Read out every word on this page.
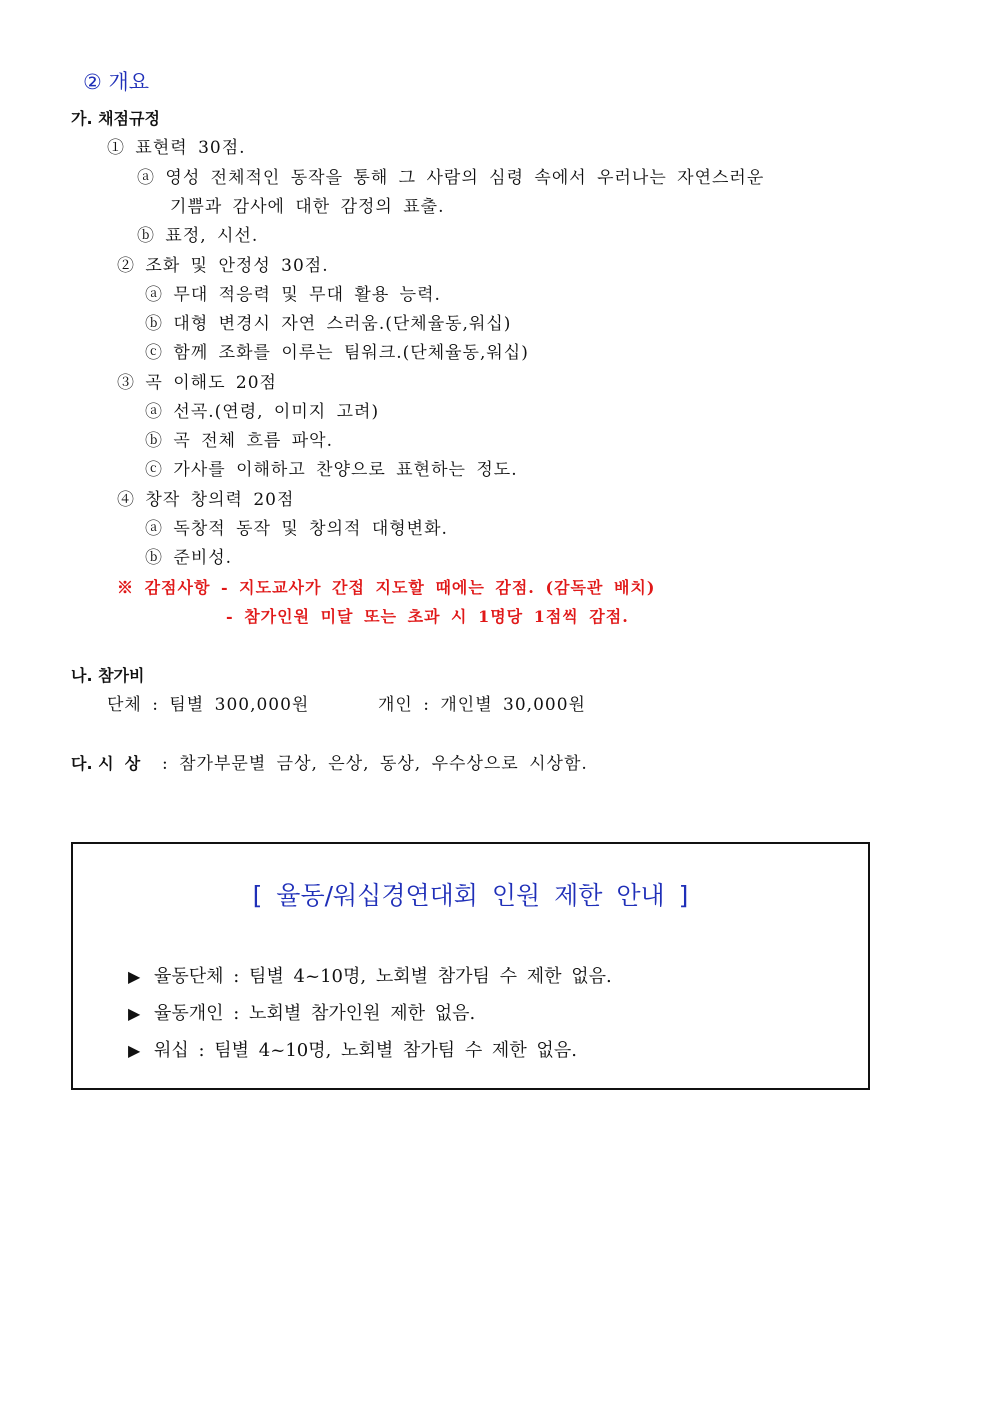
② 개요
가. 채점규정
① 표현력 30점.
ⓐ 영성 전체적인 동작을 통해 그 사람의 심령 속에서 우러나는 자연스러운
기쁨과 감사에 대한 감정의 표출.
ⓑ 표정, 시선.
② 조화 및 안정성 30점.
ⓐ 무대 적응력 및 무대 활용 능력.
ⓑ 대형 변경시 자연 스러움.(단체율동,워십)
ⓒ 함께 조화를 이루는 팀워크.(단체율동,워십)
③ 곡 이해도 20점
ⓐ 선곡.(연령, 이미지 고려)
ⓑ 곡 전체 흐름 파악.
ⓒ 가사를 이해하고 찬양으로 표현하는 정도.
④ 창작 창의력 20점
ⓐ 독창적 동작 및 창의적 대형변화.
ⓑ 준비성.
※ 감점사항 - 지도교사가 간접 지도할 때에는 감점. (감독관 배치)
- 참가인원 미달 또는 초과 시 1명당 1점씩 감점.
나. 참가비
단체 : 팀별 300,000원	개인 : 개인별 30,000원
다. 시  상 : 참가부문별 금상, 은상, 동상, 우수상으로 시상함.
[ 율동/워십경연대회 인원 제한 안내 ]
▶ 율동단체 : 팀별 4~10명, 노회별 참가팀 수 제한 없음.
▶ 율동개인 : 노회별 참가인원 제한 없음.
▶ 워십 : 팀별 4~10명, 노회별 참가팀 수 제한 없음.
